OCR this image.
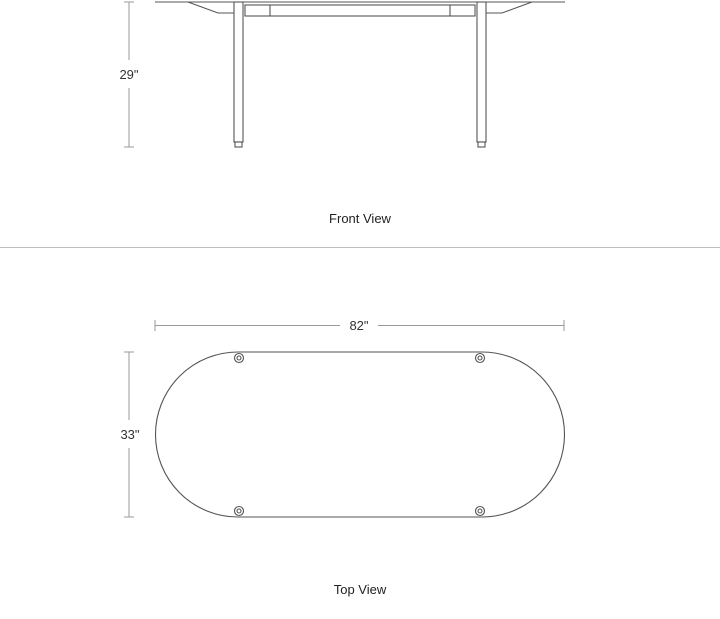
29"
Front View
82"
33"
Top View
